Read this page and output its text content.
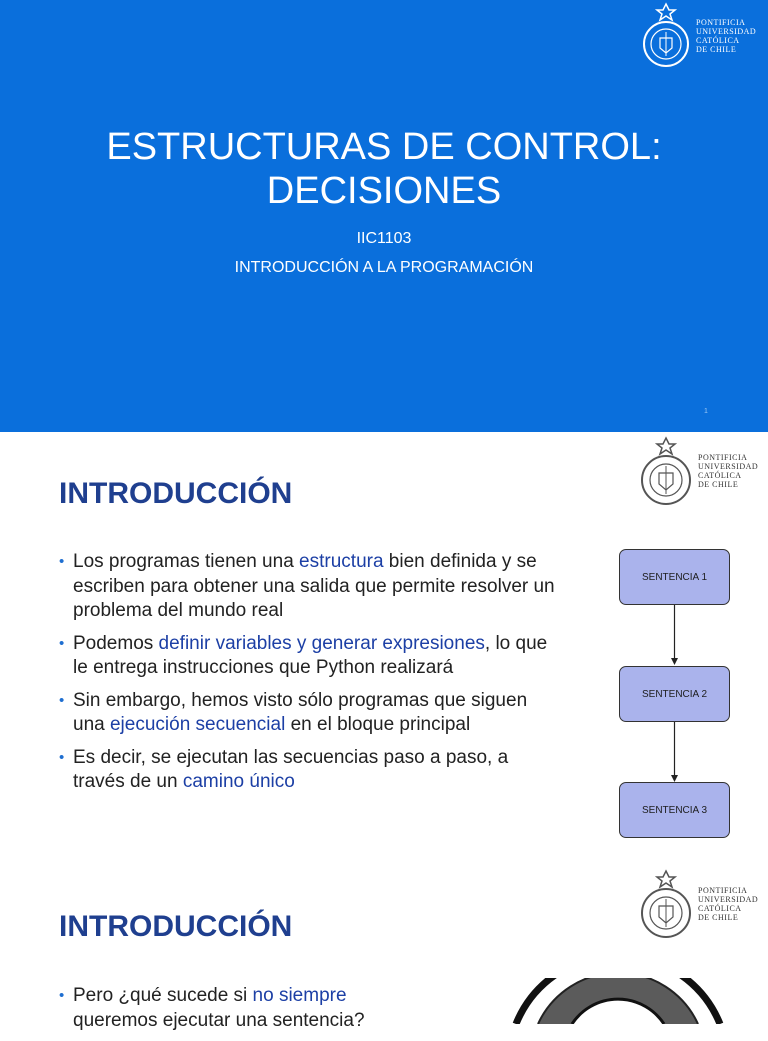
PONTIFICIA
UNIVERSIDAD
CATÓLICA
DE CHILE
ESTRUCTURAS DE CONTROL:
DECISIONES
IIC1103
INTRODUCCIÓN A LA PROGRAMACIÓN
1
PONTIFICIA
UNIVERSIDAD
CATÓLICA
DE CHILE
INTRODUCCIÓN
• Los programas tienen una estructura bien definida y se escriben para obtener una salida que permite resolver un problema del mundo real
• Podemos definir variables y generar expresiones, lo que le entrega instrucciones que Python realizará
• Sin embargo, hemos visto sólo programas que siguen una ejecución secuencial en el bloque principal
• Es decir, se ejecutan las secuencias paso a paso, a través de un camino único
SENTENCIA 1
SENTENCIA 2
SENTENCIA 3
PONTIFICIA
UNIVERSIDAD
CATÓLICA
DE CHILE
INTRODUCCIÓN
• Pero ¿qué sucede si no siempre queremos ejecutar una sentencia?
